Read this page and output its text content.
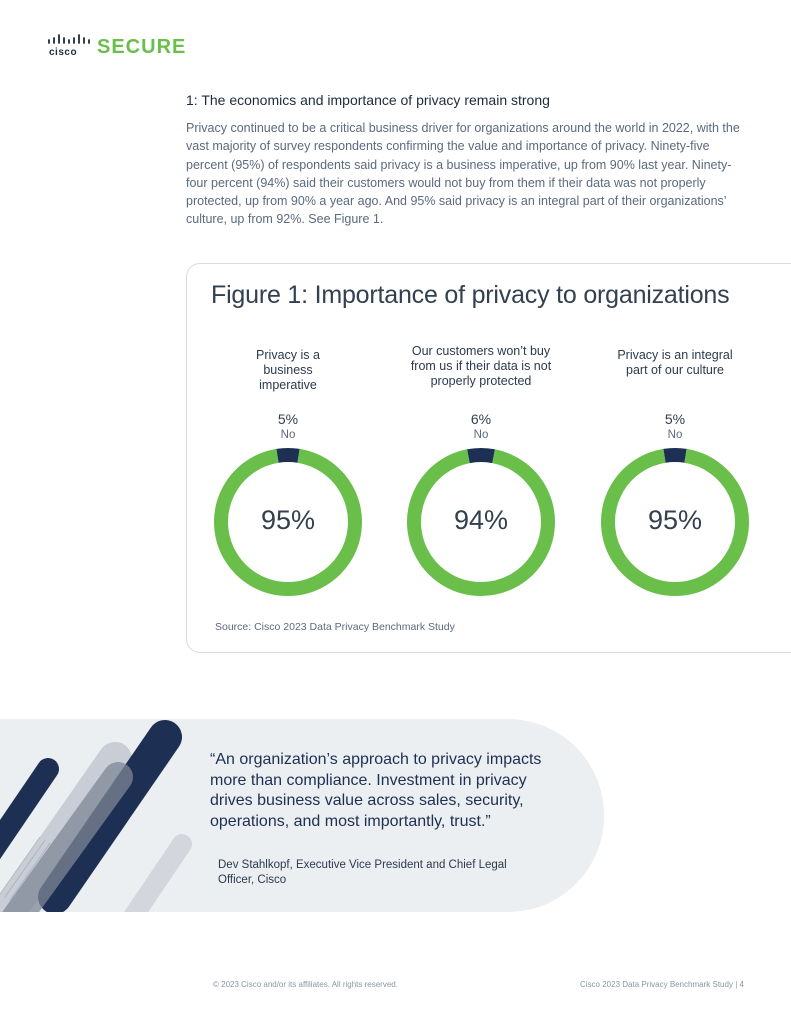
cisco SECURE
1: The economics and importance of privacy remain strong

Privacy continued to be a critical business driver for organizations around the world in 2022, with the vast majority of survey respondents confirming the value and importance of privacy. Ninety-five percent (95%) of respondents said privacy is a business imperative, up from 90% last year. Ninety-four percent (94%) said their customers would not buy from them if their data was not properly protected, up from 90% a year ago. And 95% said privacy is an integral part of their organizations’ culture, up from 92%. See Figure 1.

Figure 1: Importance of privacy to organizations
Privacy is a business imperative
5%
No
95%
Our customers won’t buy from us if their data is not properly protected
6%
No
94%
Privacy is an integral part of our culture
5%
No
95%
Source: Cisco 2023 Data Privacy Benchmark Study

“An organization’s approach to privacy impacts more than compliance. Investment in privacy drives business value across sales, security, operations, and most importantly, trust.”

Dev Stahlkopf, Executive Vice President and Chief Legal Officer, Cisco
© 2023 Cisco and/or its affiliates. All rights reserved.	Cisco 2023 Data Privacy Benchmark Study | 4
